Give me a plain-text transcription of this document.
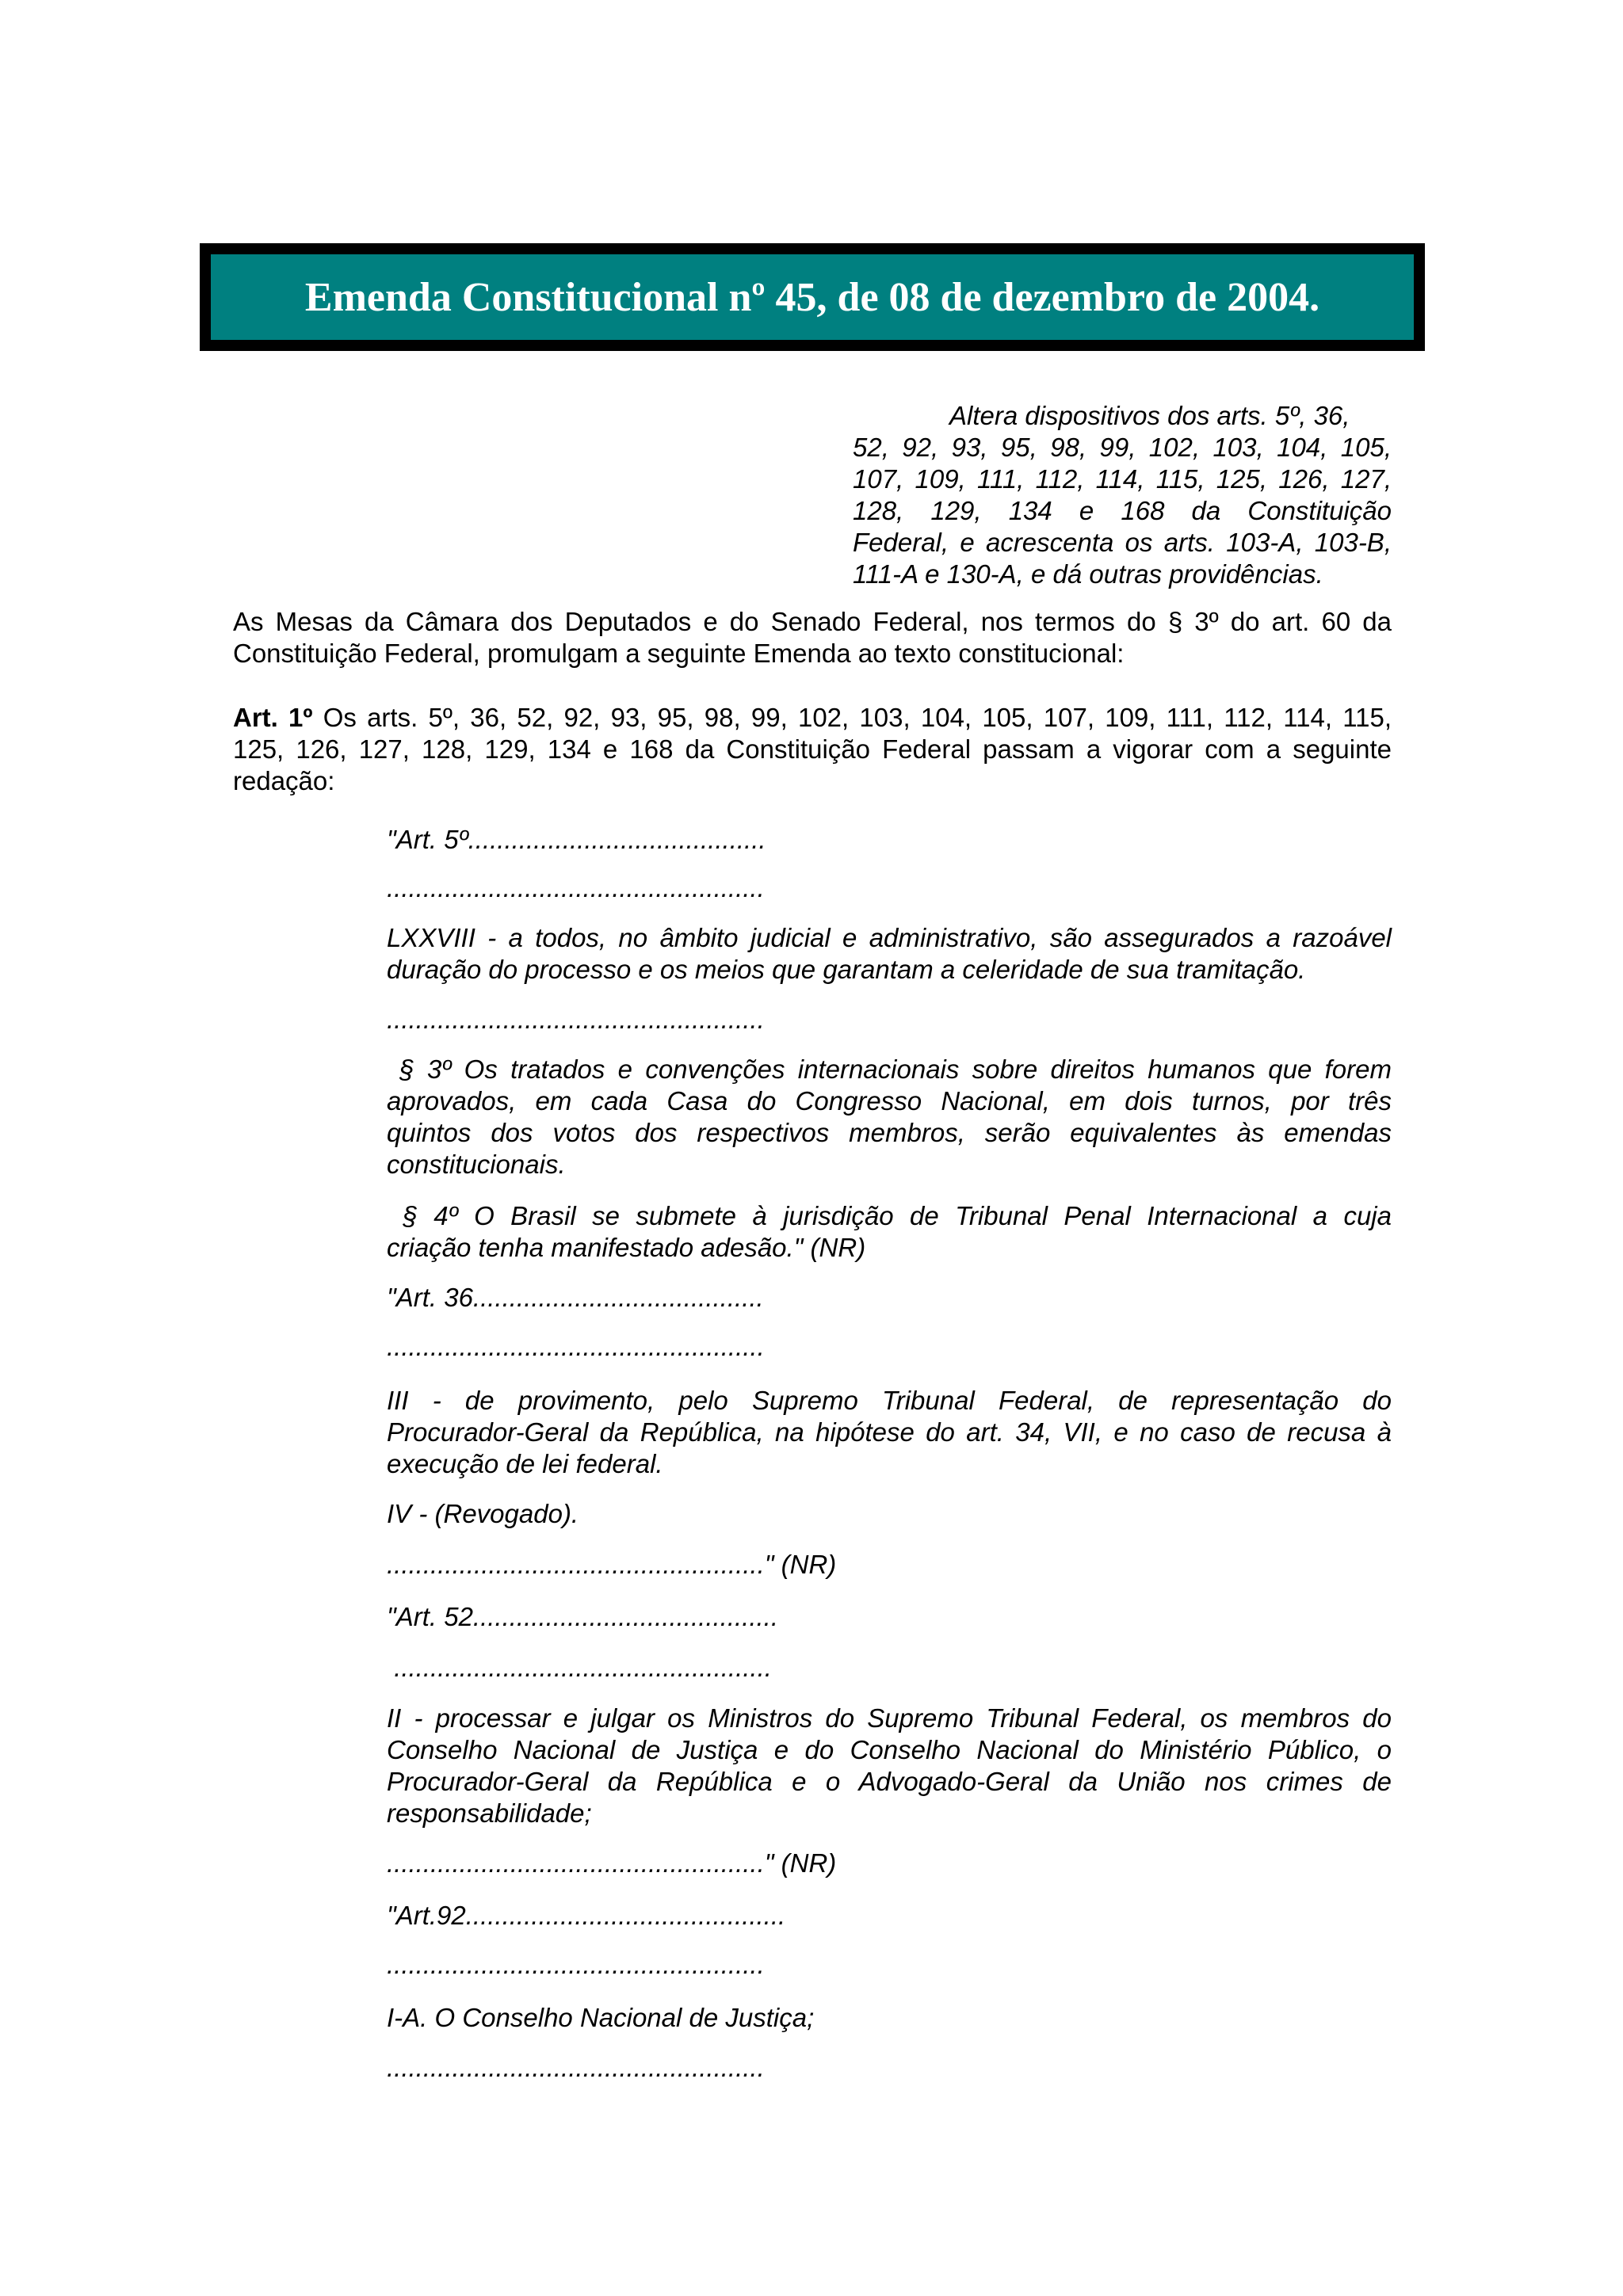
Emenda Constitucional nº 45, de 08 de dezembro de 2004.

Altera dispositivos dos arts. 5º, 36,

52, 92, 93, 95, 98, 99, 102, 103, 104, 105,

107, 109, 111, 112, 114, 115, 125, 126, 127,

128, 129, 134 e 168 da Constituição

Federal, e acrescenta os arts. 103-A, 103-B,

111-A e 130-A, e dá outras providências.

As Mesas da Câmara dos Deputados e do Senado Federal, nos termos do § 3º do art. 60 da

Constituição Federal, promulgam a seguinte Emenda ao texto constitucional:

Art. 1º Os arts. 5º, 36, 52, 92, 93, 95, 98, 99, 102, 103, 104, 105, 107, 109, 111, 112, 114, 115,

125, 126, 127, 128, 129, 134 e 168 da Constituição Federal passam a vigorar com a seguinte

redação:

"Art. 5º.........................................

....................................................

LXXVIII - a todos, no âmbito judicial e administrativo, são assegurados a razoável

duração do processo e os meios que garantam a celeridade de sua tramitação.

....................................................

§ 3º Os tratados e convenções internacionais sobre direitos humanos que forem

aprovados, em cada Casa do Congresso Nacional, em dois turnos, por três

quintos dos votos dos respectivos membros, serão equivalentes às emendas

constitucionais.

§ 4º O Brasil se submete à jurisdição de Tribunal Penal Internacional a cuja

criação tenha manifestado adesão." (NR)

"Art. 36........................................

....................................................

III - de provimento, pelo Supremo Tribunal Federal, de representação do

Procurador-Geral da República, na hipótese do art. 34, VII, e no caso de recusa à

execução de lei federal.

IV - (Revogado).

...................................................." (NR)

"Art. 52..........................................

....................................................

II - processar e julgar os Ministros do Supremo Tribunal Federal, os membros do

Conselho Nacional de Justiça e do Conselho Nacional do Ministério Público, o

Procurador-Geral da República e o Advogado-Geral da União nos crimes de

responsabilidade;

...................................................." (NR)

"Art.92............................................

....................................................

I-A. O Conselho Nacional de Justiça;

....................................................
